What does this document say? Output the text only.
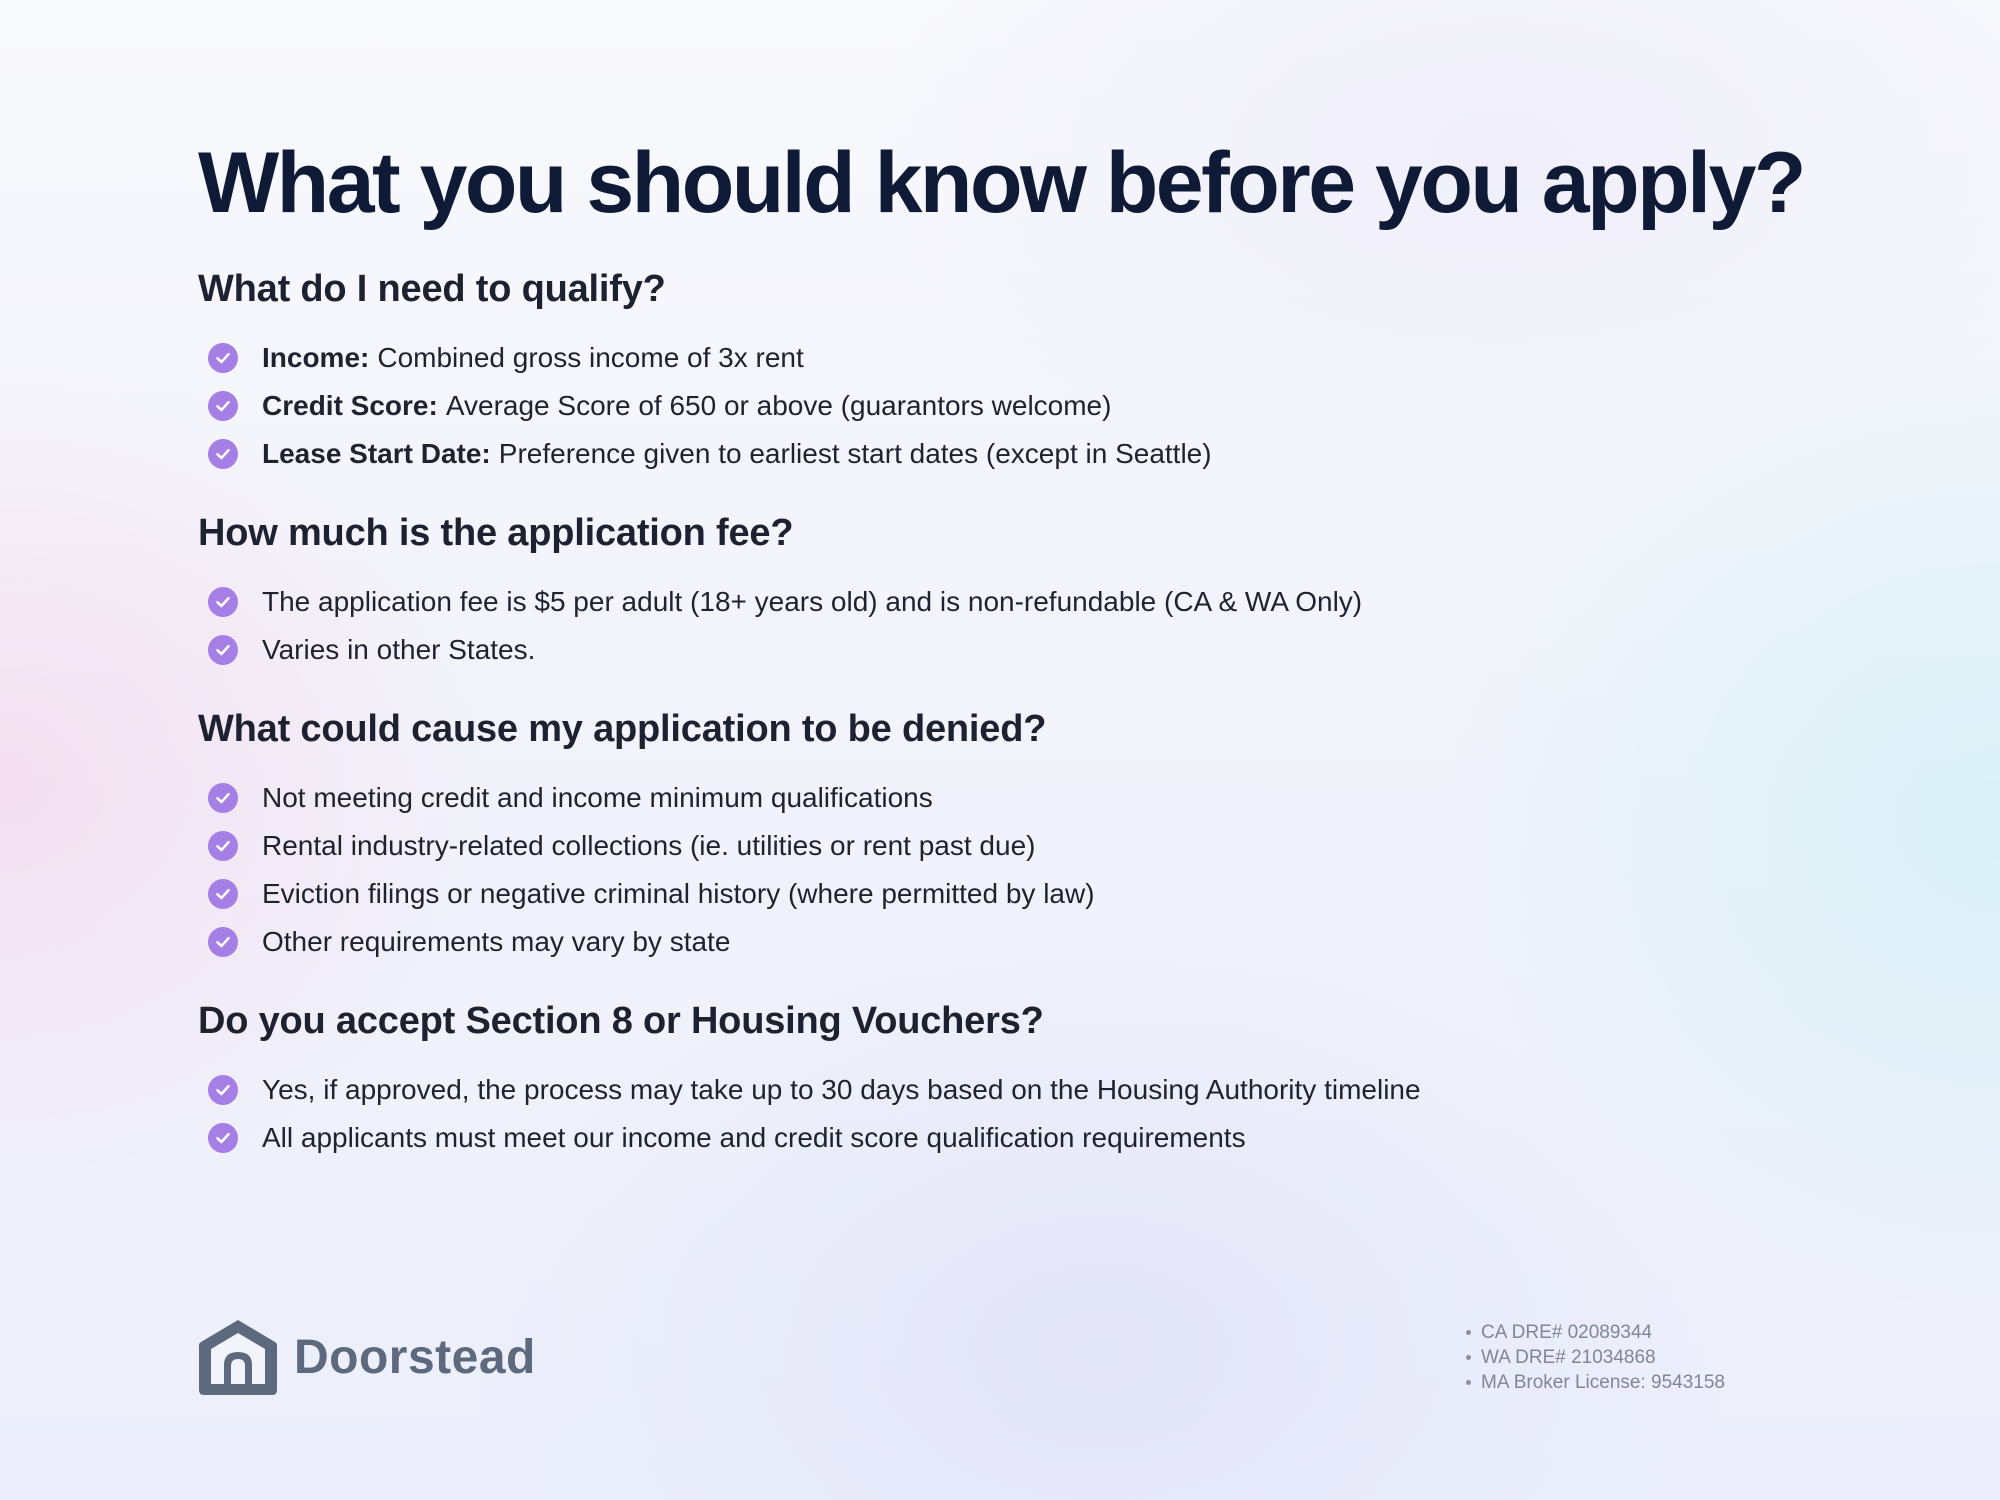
What you should know before you apply?
What do I need to qualify?
Income: Combined gross income of 3x rent
Credit Score: Average Score of 650 or above (guarantors welcome)
Lease Start Date: Preference given to earliest start dates (except in Seattle)
How much is the application fee?
The application fee is $5 per adult (18+ years old) and is non-refundable (CA & WA Only)
Varies in other States.
What could cause my application to be denied?
Not meeting credit and income minimum qualifications
Rental industry-related collections (ie. utilities or rent past due)
Eviction filings or negative criminal history (where permitted by law)
Other requirements may vary by state
Do you accept Section 8 or Housing Vouchers?
Yes, if approved, the process may take up to 30 days based on the Housing Authority timeline
All applicants must meet our income and credit score qualification requirements
Doorstead	CA DRE# 02089344
WA DRE# 21034868
MA Broker License: 9543158
